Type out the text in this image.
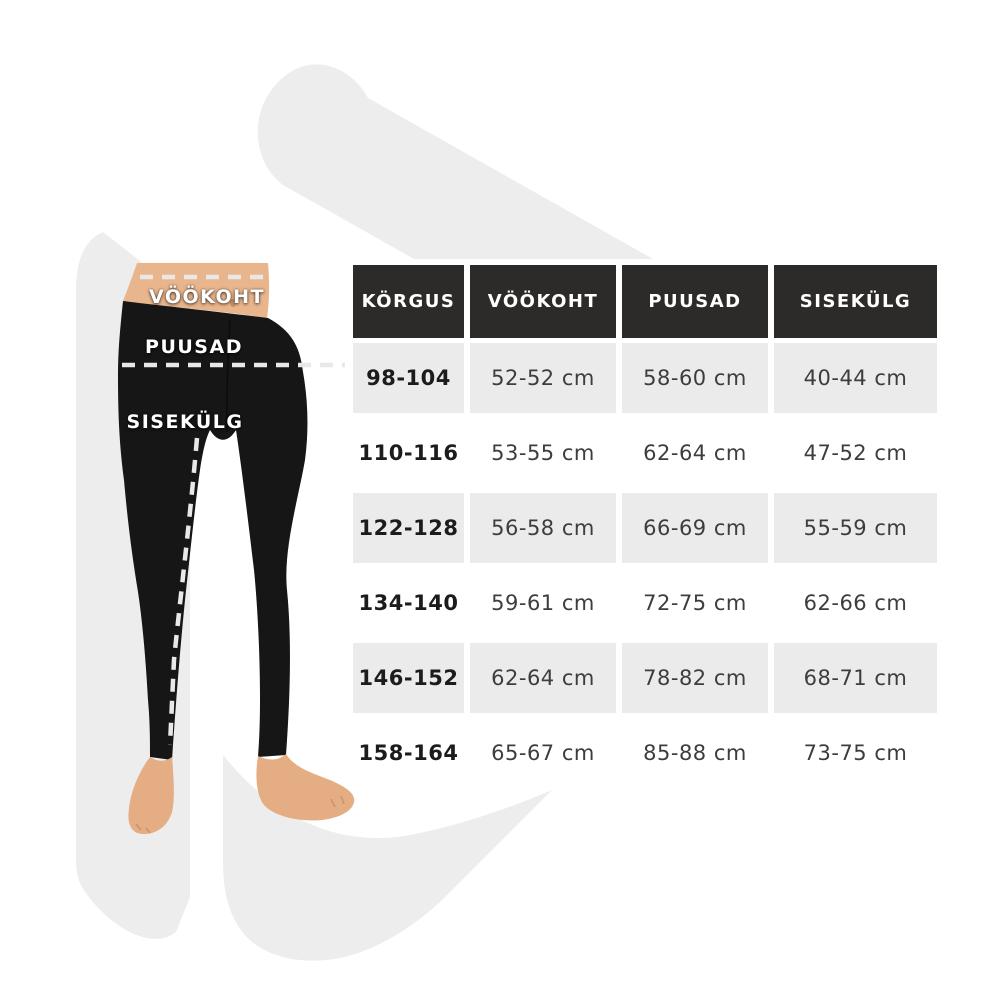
VÖÖKOHT
PUUSAD
SISEKÜLG
KÖRGUS	VÖÖKOHT	PUUSAD	SISEKÜLG
98-104	52-52 cm	58-60 cm	40-44 cm
110-116	53-55 cm	62-64 cm	47-52 cm
122-128	56-58 cm	66-69 cm	55-59 cm
134-140	59-61 cm	72-75 cm	62-66 cm
146-152	62-64 cm	78-82 cm	68-71 cm
158-164	65-67 cm	85-88 cm	73-75 cm
